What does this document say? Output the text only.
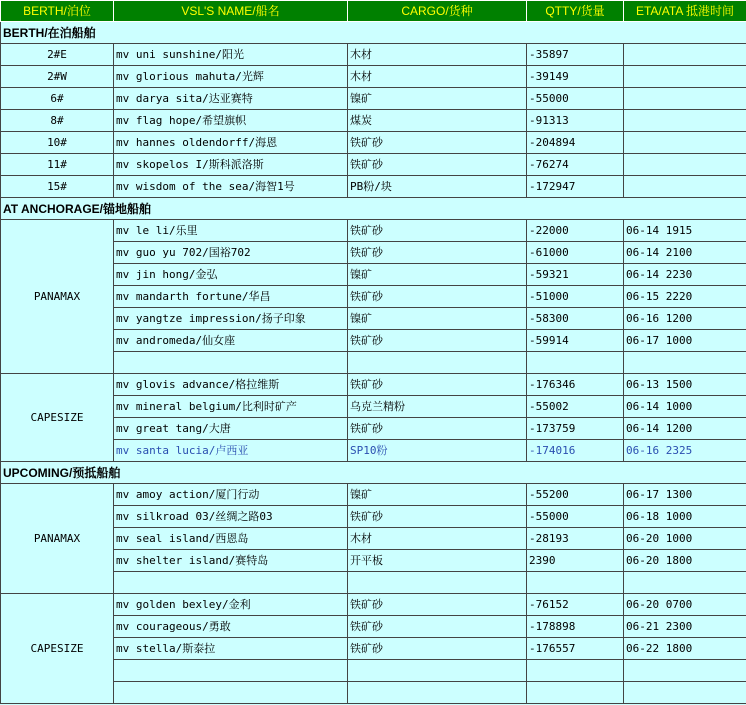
BERTH/泊位	VSL'S NAME/船名	CARGO/货种	QTTY/货量	ETA/ATA 抵港时间
BERTH/在泊船舶				
2#E	mv uni sunshine/阳光	木材	-35897	
2#W	mv glorious mahuta/光辉	木材	-39149	
6#	mv darya sita/达亚赛特	镍矿	-55000	
8#	mv flag hope/希望旗帜	煤炭	-91313	
10#	mv hannes oldendorff/海恩	铁矿砂	-204894	
11#	mv skopelos I/斯科派洛斯	铁矿砂	-76274	
15#	mv wisdom of the sea/海智1号	PB粉/块	-172947	
AT ANCHORAGE/锚地船舶				
PANAMAX	mv le li/乐里	铁矿砂	-22000	06-14 1915
	mv guo yu 702/国裕702	铁矿砂	-61000	06-14 2100
	mv jin hong/金弘	镍矿	-59321	06-14 2230
	mv mandarth fortune/华昌	铁矿砂	-51000	06-15 2220
	mv yangtze impression/扬子印象	镍矿	-58300	06-16 1200
	mv andromeda/仙女座	铁矿砂	-59914	06-17 1000

CAPESIZE	mv glovis advance/格拉维斯	铁矿砂	-176346	06-13 1500
	mv mineral belgium/比利时矿产	乌克兰精粉	-55002	06-14 1000
	mv great tang/大唐	铁矿砂	-173759	06-14 1200
	mv santa lucia/卢西亚	SP10粉	-174016	06-16 2325
UPCOMING/预抵船舶				
PANAMAX	mv amoy action/厦门行动	镍矿	-55200	06-17 1300
	mv silkroad 03/丝绸之路03	铁矿砂	-55000	06-18 1000
	mv seal island/西恩岛	木材	-28193	06-20 1000
	mv shelter island/赛特岛	开平板	2390	06-20 1800

CAPESIZE	mv golden bexley/金利	铁矿砂	-76152	06-20 0700
	mv courageous/勇敢	铁矿砂	-178898	06-21 2300
	mv stella/斯泰拉	铁矿砂	-176557	06-22 1800
